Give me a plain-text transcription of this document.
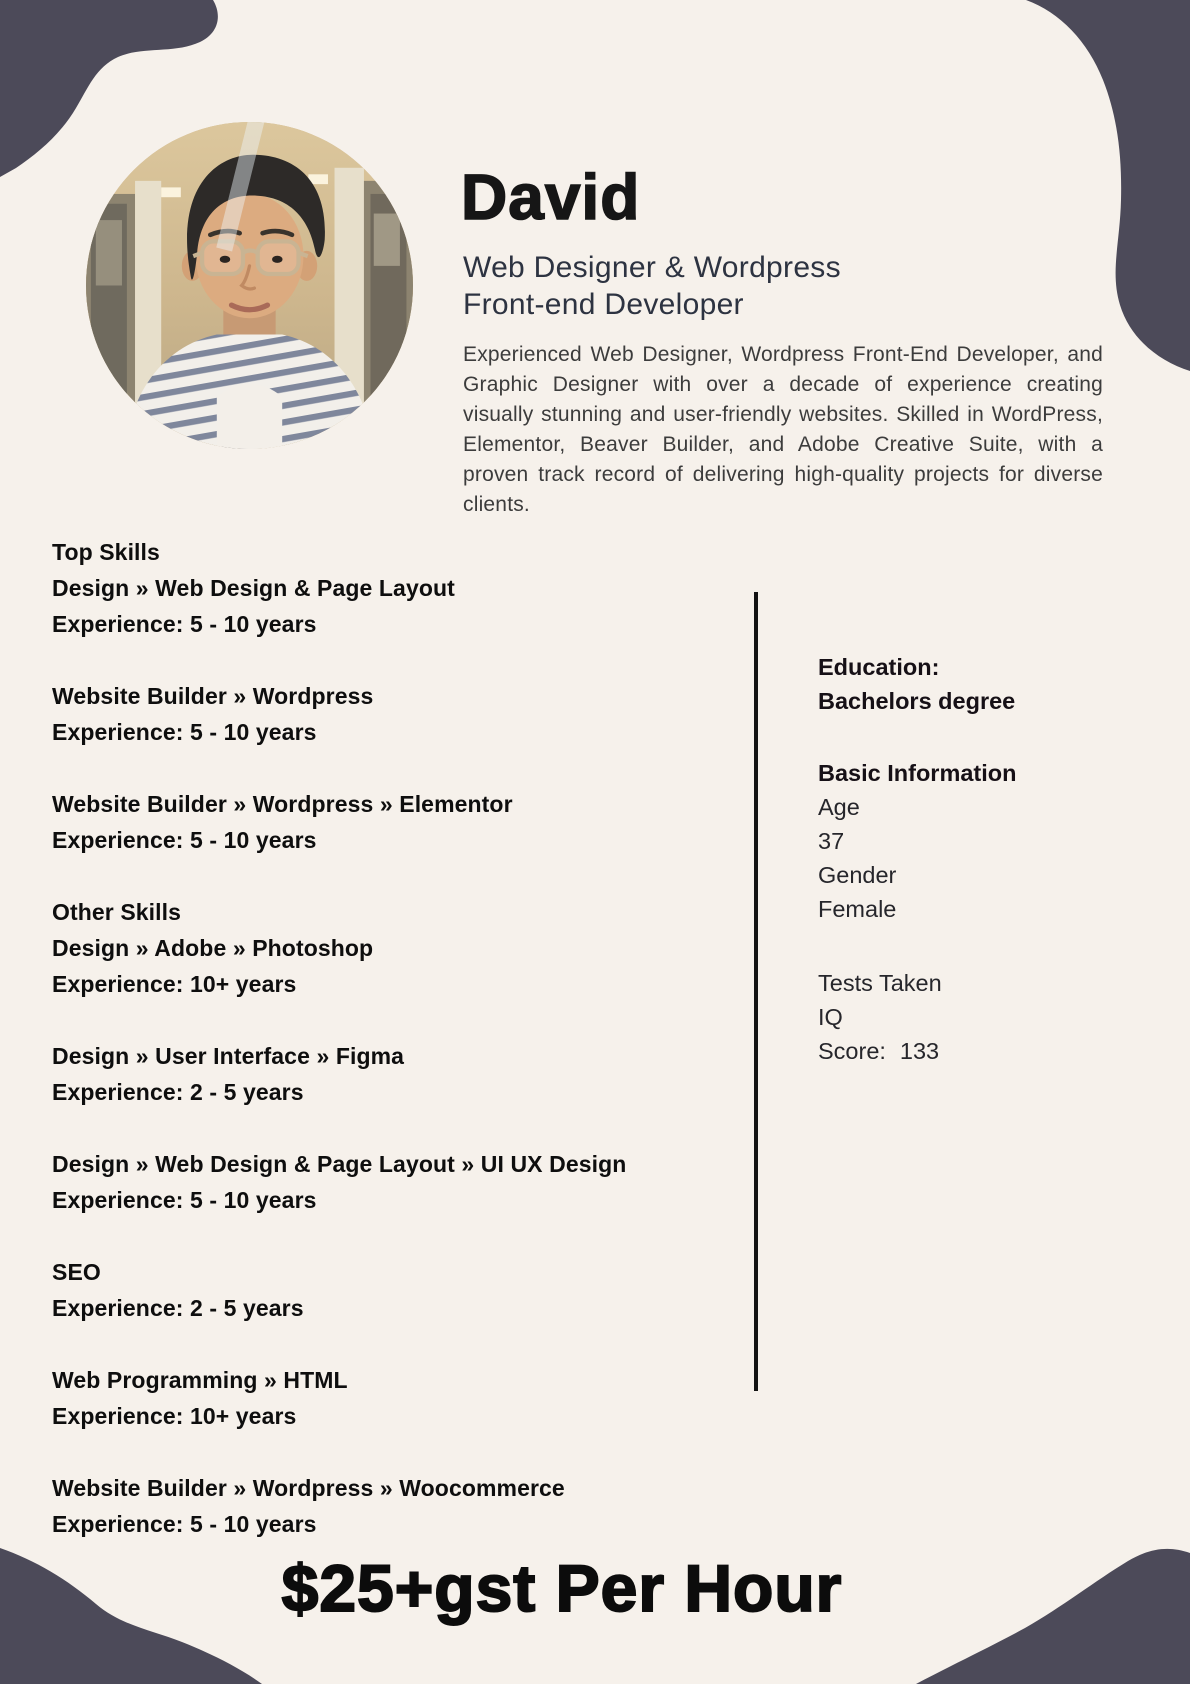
David

Web Designer & Wordpress
Front-end Developer

Experienced Web Designer, Wordpress Front-End Developer, and Graphic Designer with over a decade of experience creating visually stunning and user-friendly websites. Skilled in WordPress, Elementor, Beaver Builder, and Adobe Creative Suite, with a proven track record of delivering high-quality projects for diverse clients.

Top Skills

Design » Web Design & Page Layout

Experience: 5 - 10 years

Website Builder » Wordpress

Experience: 5 - 10 years

Website Builder » Wordpress » Elementor

Experience: 5 - 10 years

Other Skills

Design » Adobe » Photoshop

Experience: 10+ years

Design » User Interface » Figma

Experience: 2 - 5 years

Design » Web Design & Page Layout » UI UX Design

Experience: 5 - 10 years

SEO

Experience: 2 - 5 years

Web Programming » HTML

Experience: 10+ years

Website Builder » Wordpress » Woocommerce

Experience: 5 - 10 years

Education:

Bachelors degree

Basic Information

Age

37

Gender

Female

Tests Taken

IQ

Score: 133

$25+gst Per Hour
